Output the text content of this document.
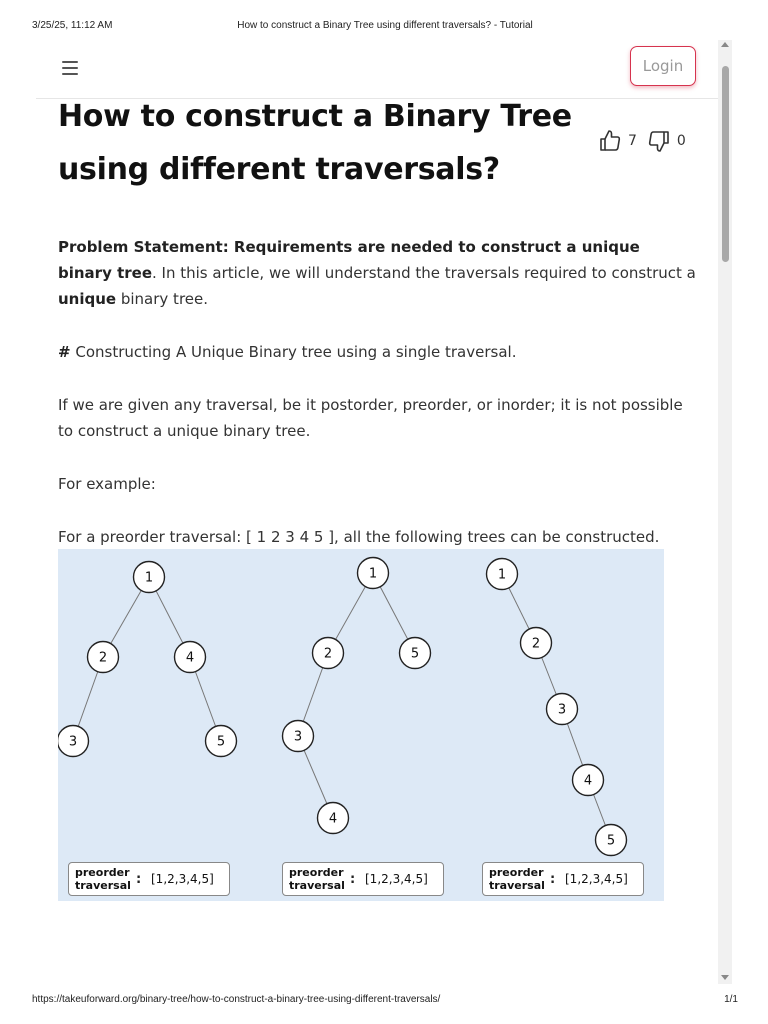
3/25/25, 11:12 AM	How to construct a Binary Tree using different traversals? - Tutorial
Login
How to construct a Binary Tree using different traversals?
7	0

Problem Statement: Requirements are needed to construct a unique binary tree. In this article, we will understand the traversals required to construct a unique binary tree.

# Constructing A Unique Binary tree using a single traversal.

If we are given any traversal, be it postorder, preorder, or inorder; it is not possible to construct a unique binary tree.

For example:

For a preorder traversal: [ 1 2 3 4 5 ], all the following trees can be constructed.

1
2	4
3	5
1
2	5
3
4
1
2
3
4
5
preorder
traversal : [1,2,3,4,5]	preorder
traversal : [1,2,3,4,5]	preorder
traversal : [1,2,3,4,5]
https://takeuforward.org/binary-tree/how-to-construct-a-binary-tree-using-different-traversals/	1/1
